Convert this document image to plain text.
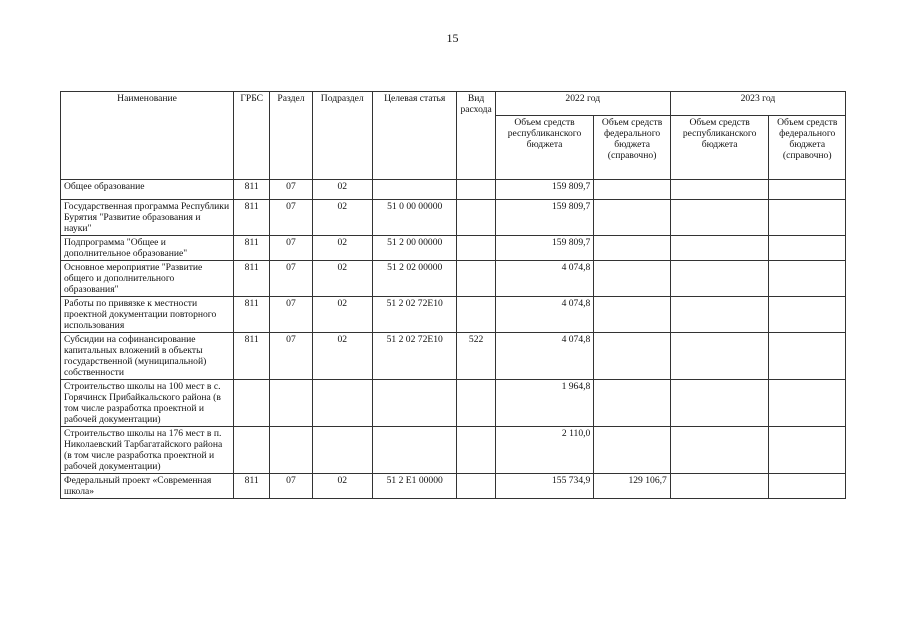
15
Наименование	ГРБС	Раздел	Подраздел	Целевая статья	Вид расхода	2022 год		2023 год	
						Объем средств республиканского бюджета	Объем средств федерального бюджета (справочно)	Объем средств республиканского бюджета	Объем средств федерального бюджета (справочно)
Общее образование	811	07	02			159 809,7			
Государственная программа Республики Бурятия "Развитие образования и науки"	811	07	02	51 0 00 00000		159 809,7			
Подпрограмма "Общее и дополнительное образование"	811	07	02	51 2 00 00000		159 809,7			
Основное мероприятие "Развитие общего и дополнительного образования"	811	07	02	51 2 02 00000		4 074,8			
Работы по привязке к местности проектной документации повторного использования	811	07	02	51 2 02 72Е10		4 074,8			
Субсидии на софинансирование капитальных вложений в объекты государственной (муниципальной) собственности	811	07	02	51 2 02 72Е10	522	4 074,8			
Строительство школы на 100 мест в с. Горячинск Прибайкальского района (в том числе разработка проектной и рабочей документации)						1 964,8			
Строительство школы на 176 мест в п. Николаевский Тарбагатайского района (в том числе разработка проектной и рабочей документации)						2 110,0			
Федеральный проект «Современная школа»	811	07	02	51 2 Е1 00000		155 734,9	129 106,7		
